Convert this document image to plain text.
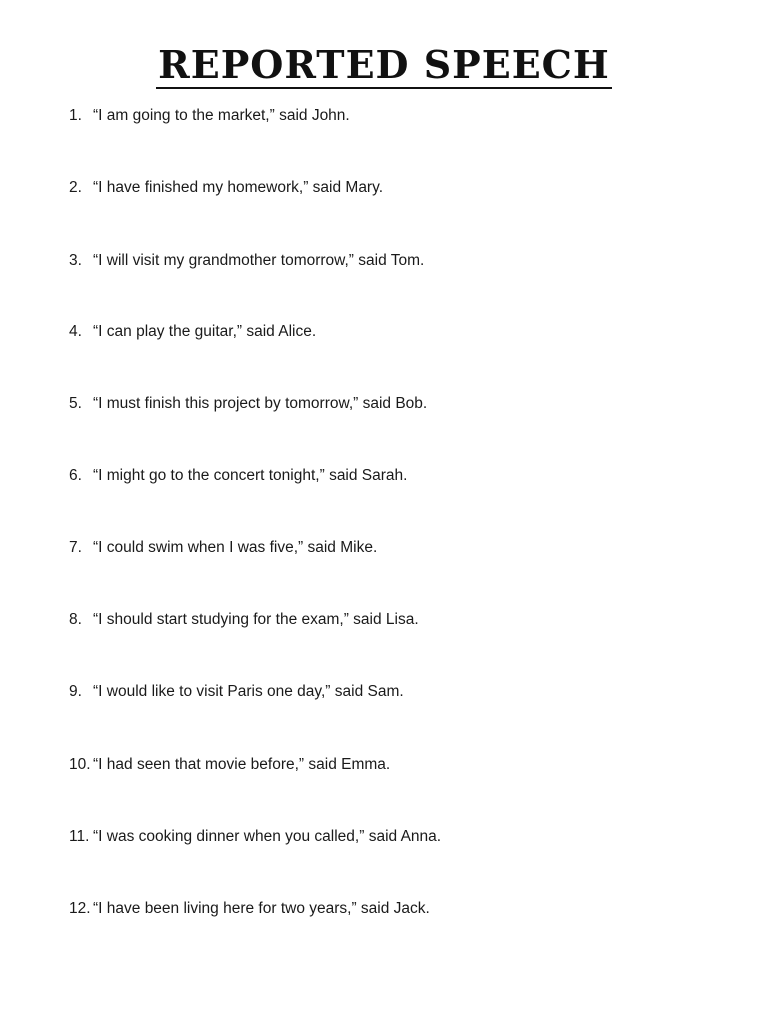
REPORTED SPEECH
1. “I am going to the market,” said John.
2. “I have finished my homework,” said Mary.
3. “I will visit my grandmother tomorrow,” said Tom.
4. “I can play the guitar,” said Alice.
5. “I must finish this project by tomorrow,” said Bob.
6. “I might go to the concert tonight,” said Sarah.
7. “I could swim when I was five,” said Mike.
8. “I should start studying for the exam,” said Lisa.
9. “I would like to visit Paris one day,” said Sam.
10. “I had seen that movie before,” said Emma.
11. “I was cooking dinner when you called,” said Anna.
12. “I have been living here for two years,” said Jack.
